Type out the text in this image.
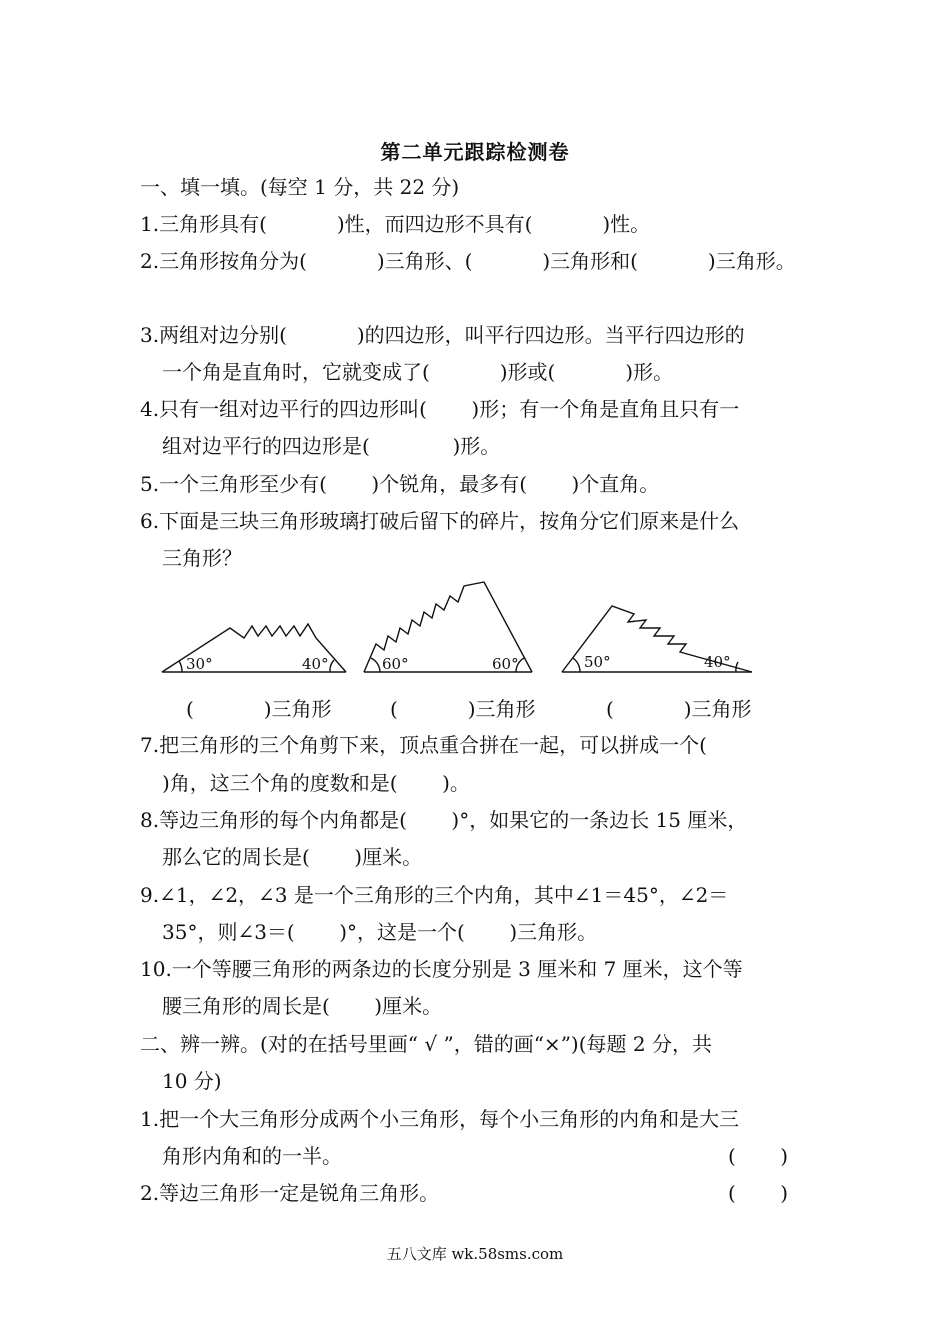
第二单元跟踪检测卷
一、填一填。(每空 1 分，共 22 分)
1.三角形具有(           )性，而四边形不具有(           )性。
2.三角形按角分为(           )三角形、(           )三角形和(           )三角形。
3.两组对边分别(           )的四边形，叫平行四边形。当平行四边形的
一个角是直角时，它就变成了(           )形或(           )形。
4.只有一组对边平行的四边形叫(       )形；有一个角是直角且只有一
组对边平行的四边形是(             )形。
5.一个三角形至少有(       )个锐角，最多有(       )个直角。
6.下面是三块三角形玻璃打破后留下的碎片，按角分它们原来是什么
三角形？
30°	40°	60°	60°	50°	40°
(           )三角形	(           )三角形	(           )三角形
7.把三角形的三个角剪下来，顶点重合拼在一起，可以拼成一个(
)角，这三个角的度数和是(       )。
8.等边三角形的每个内角都是(       )°，如果它的一条边长 15 厘米，
那么它的周长是(       )厘米。
9.∠1，∠2，∠3 是一个三角形的三个内角，其中∠1＝45°，∠2＝
35°，则∠3＝(       )°，这是一个(       )三角形。
10.一个等腰三角形的两条边的长度分别是 3 厘米和 7 厘米，这个等
腰三角形的周长是(       )厘米。
二、辨一辨。(对的在括号里画“ √ ”，错的画“×”)(每题 2 分，共
10 分)
1.把一个大三角形分成两个小三角形，每个小三角形的内角和是大三
角形内角和的一半。	(       )
2.等边三角形一定是锐角三角形。	(       )
五八文库 wk.58sms.com
